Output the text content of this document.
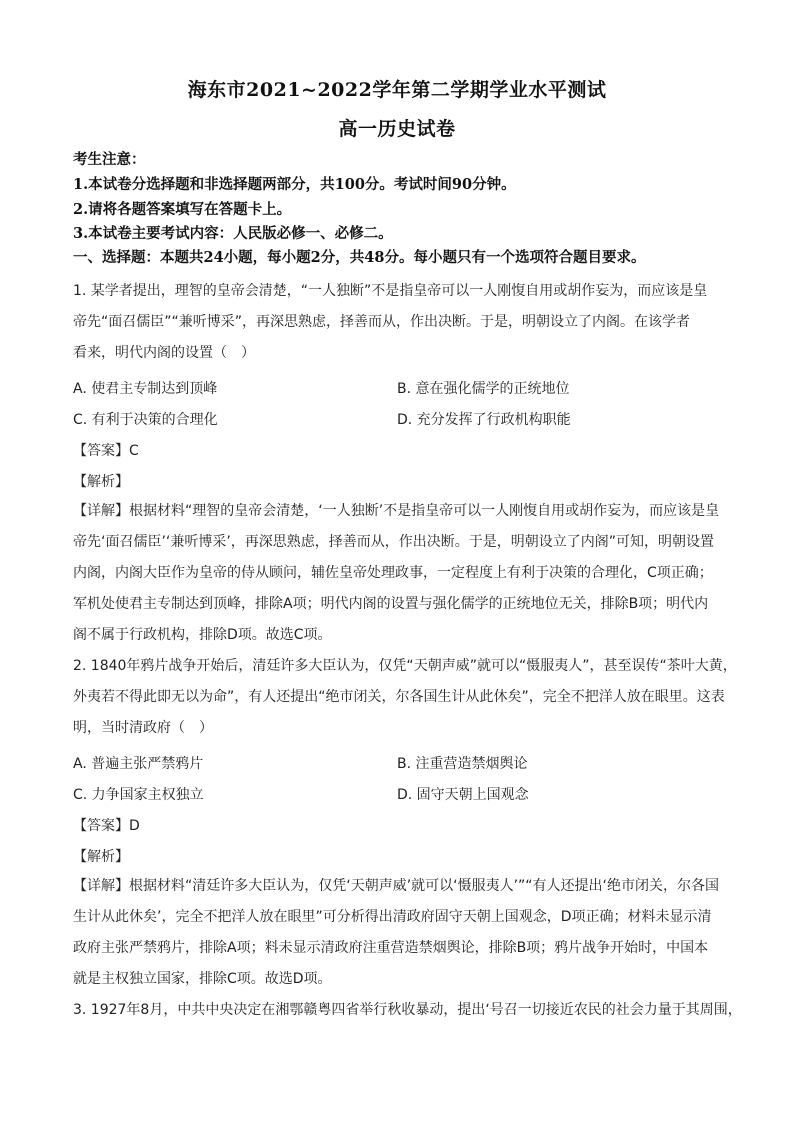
海东市2021~2022学年第二学期学业水平测试
高一历史试卷
考生注意：
1.本试卷分选择题和非选择题两部分，共100分。考试时间90分钟。
2.请将各题答案填写在答题卡上。
3.本试卷主要考试内容：人民版必修一、必修二。
一、选择题：本题共24小题，每小题2分，共48分。每小题只有一个选项符合题目要求。
1. 某学者提出，理智的皇帝会清楚，“一人独断”不是指皇帝可以一人刚愎自用或胡作妄为，而应该是皇
帝先“面召儒臣”“兼听博采”，再深思熟虑，择善而从，作出决断。于是，明朝设立了内阁。在该学者
看来，明代内阁的设置（　）
A. 使君主专制达到顶峰	B. 意在强化儒学的正统地位
C. 有利于决策的合理化	D. 充分发挥了行政机构职能
【答案】C
【解析】
【详解】根据材料“理智的皇帝会清楚，‘一人独断’不是指皇帝可以一人刚愎自用或胡作妄为，而应该是皇
帝先‘面召儒臣’‘兼听博采’，再深思熟虑，择善而从，作出决断。于是，明朝设立了内阁”可知，明朝设置
内阁，内阁大臣作为皇帝的侍从顾问，辅佐皇帝处理政事，一定程度上有利于决策的合理化，C项正确；
军机处使君主专制达到顶峰，排除A项；明代内阁的设置与强化儒学的正统地位无关，排除B项；明代内
阁不属于行政机构，排除D项。故选C项。
2. 1840年鸦片战争开始后，清廷许多大臣认为，仅凭“天朝声威”就可以“慑服夷人”，甚至误传“茶叶大黄，
外夷若不得此即无以为命”，有人还提出“绝市闭关，尔各国生计从此休矣”，完全不把洋人放在眼里。这表
明，当时清政府（　）
A. 普遍主张严禁鸦片	B. 注重营造禁烟舆论
C. 力争国家主权独立	D. 固守天朝上国观念
【答案】D
【解析】
【详解】根据材料“清廷许多大臣认为，仅凭‘天朝声威’就可以‘慑服夷人’”“有人还提出‘绝市闭关，尔各国
生计从此休矣’，完全不把洋人放在眼里”可分析得出清政府固守天朝上国观念，D项正确；材料未显示清
政府主张严禁鸦片，排除A项；料未显示清政府注重营造禁烟舆论，排除B项；鸦片战争开始时，中国本
就是主权独立国家，排除C项。故选D项。
3. 1927年8月，中共中央决定在湘鄂赣粤四省举行秋收暴动，提出‘号召一切接近农民的社会力量于其周围，
